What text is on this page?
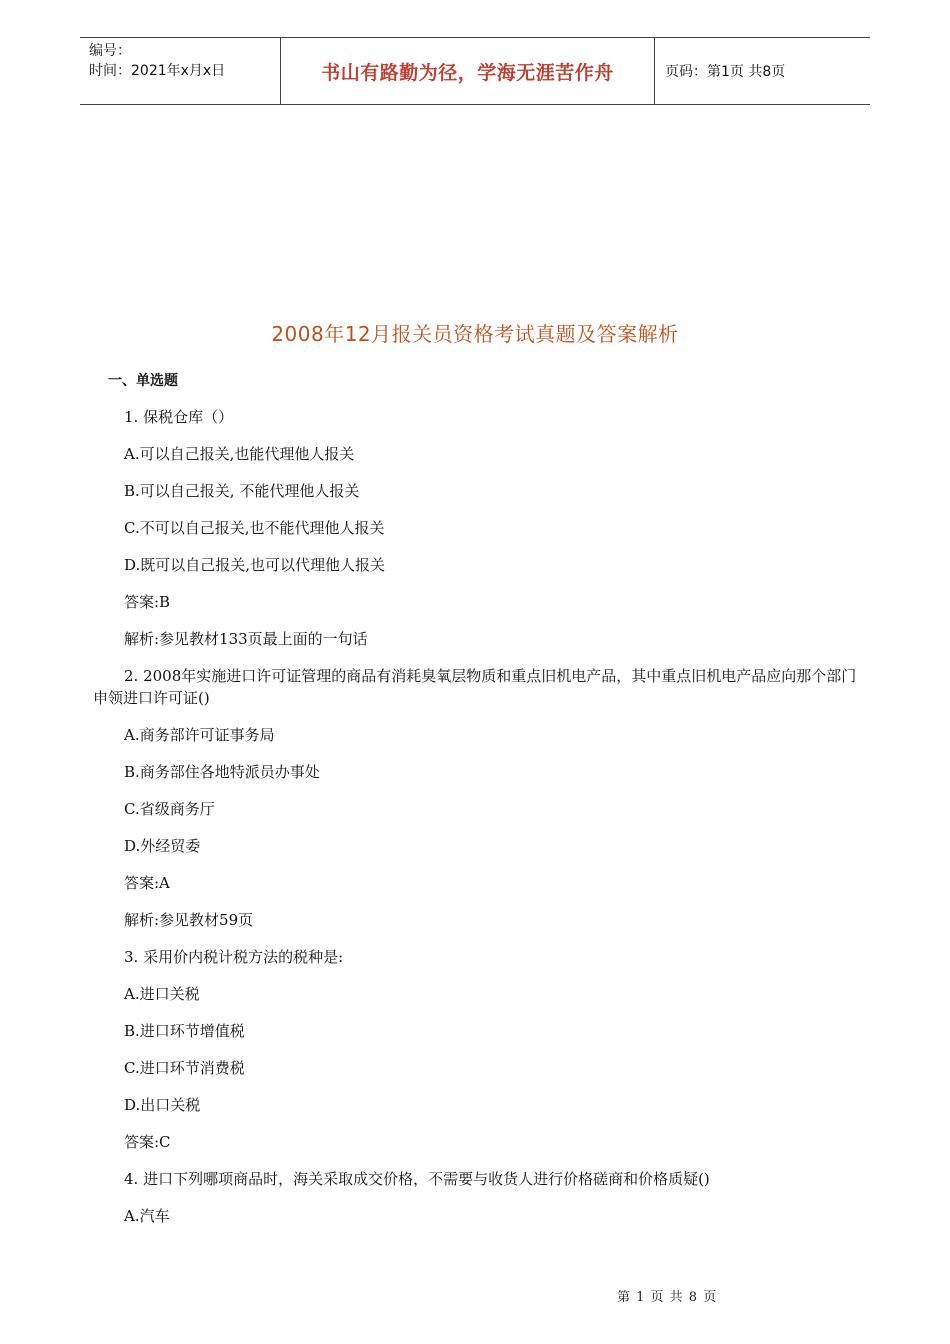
编号：
时间：2021年x月x日	书山有路勤为径，学海无涯苦作舟	页码：第1页 共8页
2008年12月报关员资格考试真题及答案解析
一、单选题
1. 保税仓库（）
A.可以自己报关,也能代理他人报关
B.可以自己报关, 不能代理他人报关
C.不可以自己报关,也不能代理他人报关
D.既可以自己报关,也可以代理他人报关
答案:B
解析:参见教材133页最上面的一句话
2. 2008年实施进口许可证管理的商品有消耗臭氧层物质和重点旧机电产品，其中重点旧机电产品应向那个部门申领进口许可证()
A.商务部许可证事务局
B.商务部住各地特派员办事处
C.省级商务厅
D.外经贸委
答案:A
解析:参见教材59页
3. 采用价内税计税方法的税种是:
A.进口关税
B.进口环节增值税
C.进口环节消费税
D.出口关税
答案:C
4. 进口下列哪项商品时，海关采取成交价格，不需要与收货人进行价格磋商和价格质疑()
A.汽车
第 1 页 共 8 页
